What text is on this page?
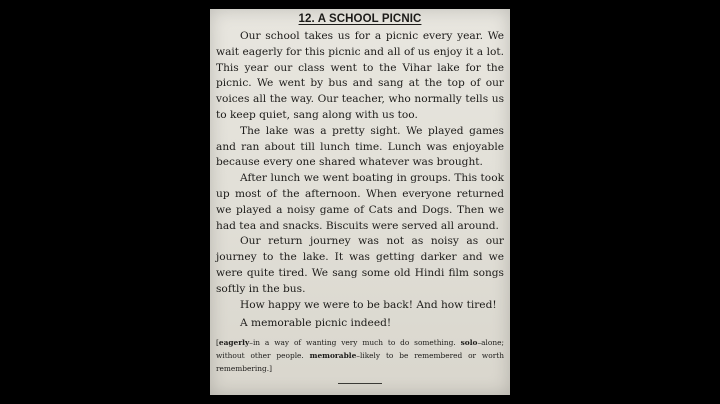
12. A SCHOOL PICNIC

Our school takes us for a picnic every year. We wait eagerly for this picnic and all of us enjoy it a lot. This year our class went to the Vihar lake for the picnic. We went by bus and sang at the top of our voices all the way. Our teacher, who normally tells us to keep quiet, sang along with us too.

The lake was a pretty sight. We played games and ran about till lunch time. Lunch was enjoyable because every one shared whatever was brought.

After lunch we went boating in groups. This took up most of the afternoon. When everyone returned we played a noisy game of Cats and Dogs. Then we had tea and snacks. Biscuits were served all around.

Our return journey was not as noisy as our journey to the lake. It was getting darker and we were quite tired. We sang some old Hindi film songs softly in the bus.

How happy we were to be back! And how tired!

A memorable picnic indeed!

[eagerly–in a way of wanting very much to do something. solo–alone; without other people. memorable–likely to be remembered or worth remembering.]
